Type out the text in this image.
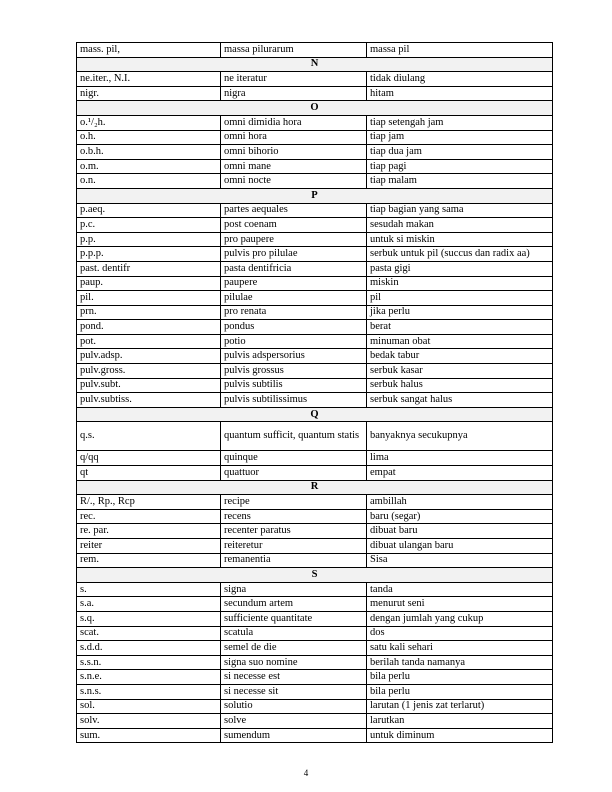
mass. pil,	massa pilurarum	massa pil
N		
ne.iter., N.I.	ne iteratur	tidak diulang
nigr.	nigra	hitam
O		
o.¹/₂h.	omni dimidia hora	tiap setengah jam
o.h.	omni hora	tiap jam
o.b.h.	omni bihorio	tiap dua jam
o.m.	omni mane	tiap pagi
o.n.	omni nocte	tiap malam
P		
p.aeq.	partes aequales	tiap bagian yang sama
p.c.	post coenam	sesudah makan
p.p.	pro paupere	untuk si miskin
p.p.p.	pulvis pro pilulae	serbuk untuk pil (succus dan radix aa)
past. dentifr	pasta dentifricia	pasta gigi
paup.	paupere	miskin
pil.	pilulae	pil
prn.	pro renata	jika perlu
pond.	pondus	berat
pot.	potio	minuman obat
pulv.adsp.	pulvis adspersorius	bedak tabur
pulv.gross.	pulvis grossus	serbuk kasar
pulv.subt.	pulvis subtilis	serbuk halus
pulv.subtiss.	pulvis subtilissimus	serbuk sangat halus
Q		
q.s.	quantum sufficit, quantum statis	banyaknya secukupnya
q/qq	quinque	lima
qt	quattuor	empat
R		
R/., Rp., Rcp	recipe	ambillah
rec.	recens	baru (segar)
re. par.	recenter paratus	dibuat baru
reiter	reiteretur	dibuat ulangan baru
rem.	remanentia	Sisa
S		
s.	signa	tanda
s.a.	secundum artem	menurut seni
s.q.	sufficiente quantitate	dengan jumlah yang cukup
scat.	scatula	dos
s.d.d.	semel de die	satu kali sehari
s.s.n.	signa suo nomine	berilah tanda namanya
s.n.e.	si necesse est	bila perlu
s.n.s.	si necesse sit	bila perlu
sol.	solutio	larutan (1 jenis zat terlarut)
solv.	solve	larutkan
sum.	sumendum	untuk diminum
4
